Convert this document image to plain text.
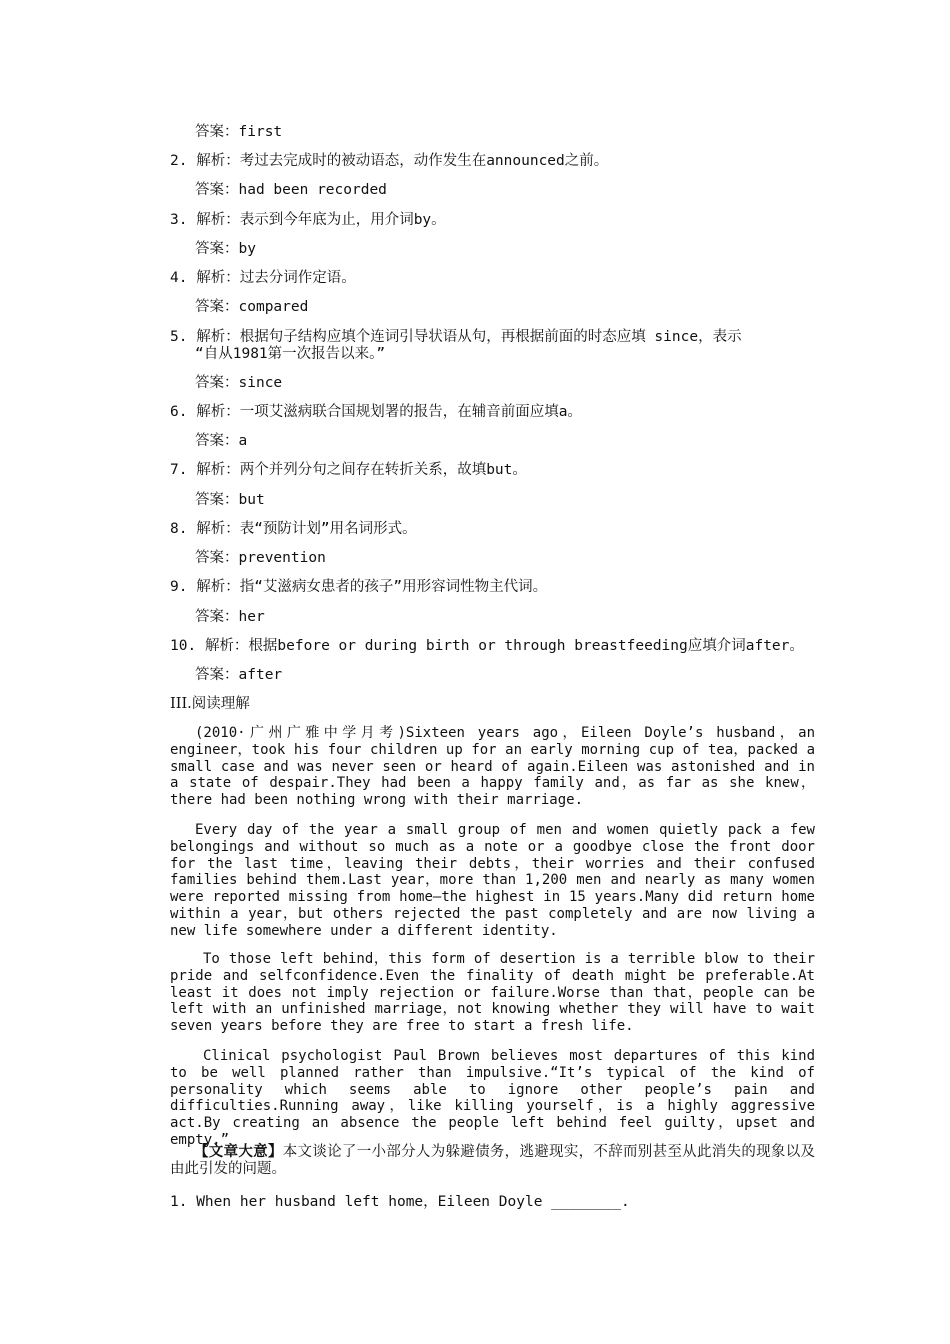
答案：first
2. 解析：考过去完成时的被动语态，动作发生在announced之前。
答案：had been recorded
3. 解析：表示到今年底为止，用介词by。
答案：by
4. 解析：过去分词作定语。
答案：compared
5. 解析：根据句子结构应填个连词引导状语从句，再根据前面的时态应填 since，表示
“自从1981第一次报告以来。”
答案：since
6. 解析：一项艾滋病联合国规划署的报告，在辅音前面应填a。
答案：a
7. 解析：两个并列分句之间存在转折关系，故填but。
答案：but
8. 解析：表“预防计划”用名词形式。
答案：prevention
9. 解析：指“艾滋病女患者的孩子”用形容词性物主代词。
答案：her
10. 解析：根据before or during birth or through breastfeeding应填介词after。
答案：after
III.阅读理解
(2010·广州广雅中学月考)Sixteen years ago，Eileen Doyle’s husband，an engineer，took his four children up for an early morning cup of tea，packed a small case and was never seen or heard of again.Eileen was astonished and in a state of despair.They had been a happy family and，as far as she knew，there had been nothing wrong with their marriage.
Every day of the year a small group of men and women quietly pack a few belongings and without so much as a note or a goodbye close the front door for the last time，leaving their debts，their worries and their confused families behind them.Last year，more than 1,200 men and nearly as many women were reported missing from home—the highest in 15 years.Many did return home within a year，but others rejected the past completely and are now living a new life somewhere under a different identity.
To those left behind，this form of desertion is a terrible blow to their pride and selfconfidence.Even the finality of death might be preferable.At least it does not imply rejection or failure.Worse than that，people can be left with an unfinished marriage，not knowing whether they will have to wait seven years before they are free to start a fresh life.
Clinical psychologist Paul Brown believes most departures of this kind to be well planned rather than impulsive.“It’s typical of the kind of personality which seems able to ignore other people’s pain and difficulties.Running away，like killing yourself，is a highly aggressive act.By creating an absence the people left behind feel guilty，upset and empty.”
【文章大意】本文谈论了一小部分人为躲避债务，逃避现实，不辞而别甚至从此消失的现象以及由此引发的问题。
1. When her husband left home，Eileen Doyle ________.
